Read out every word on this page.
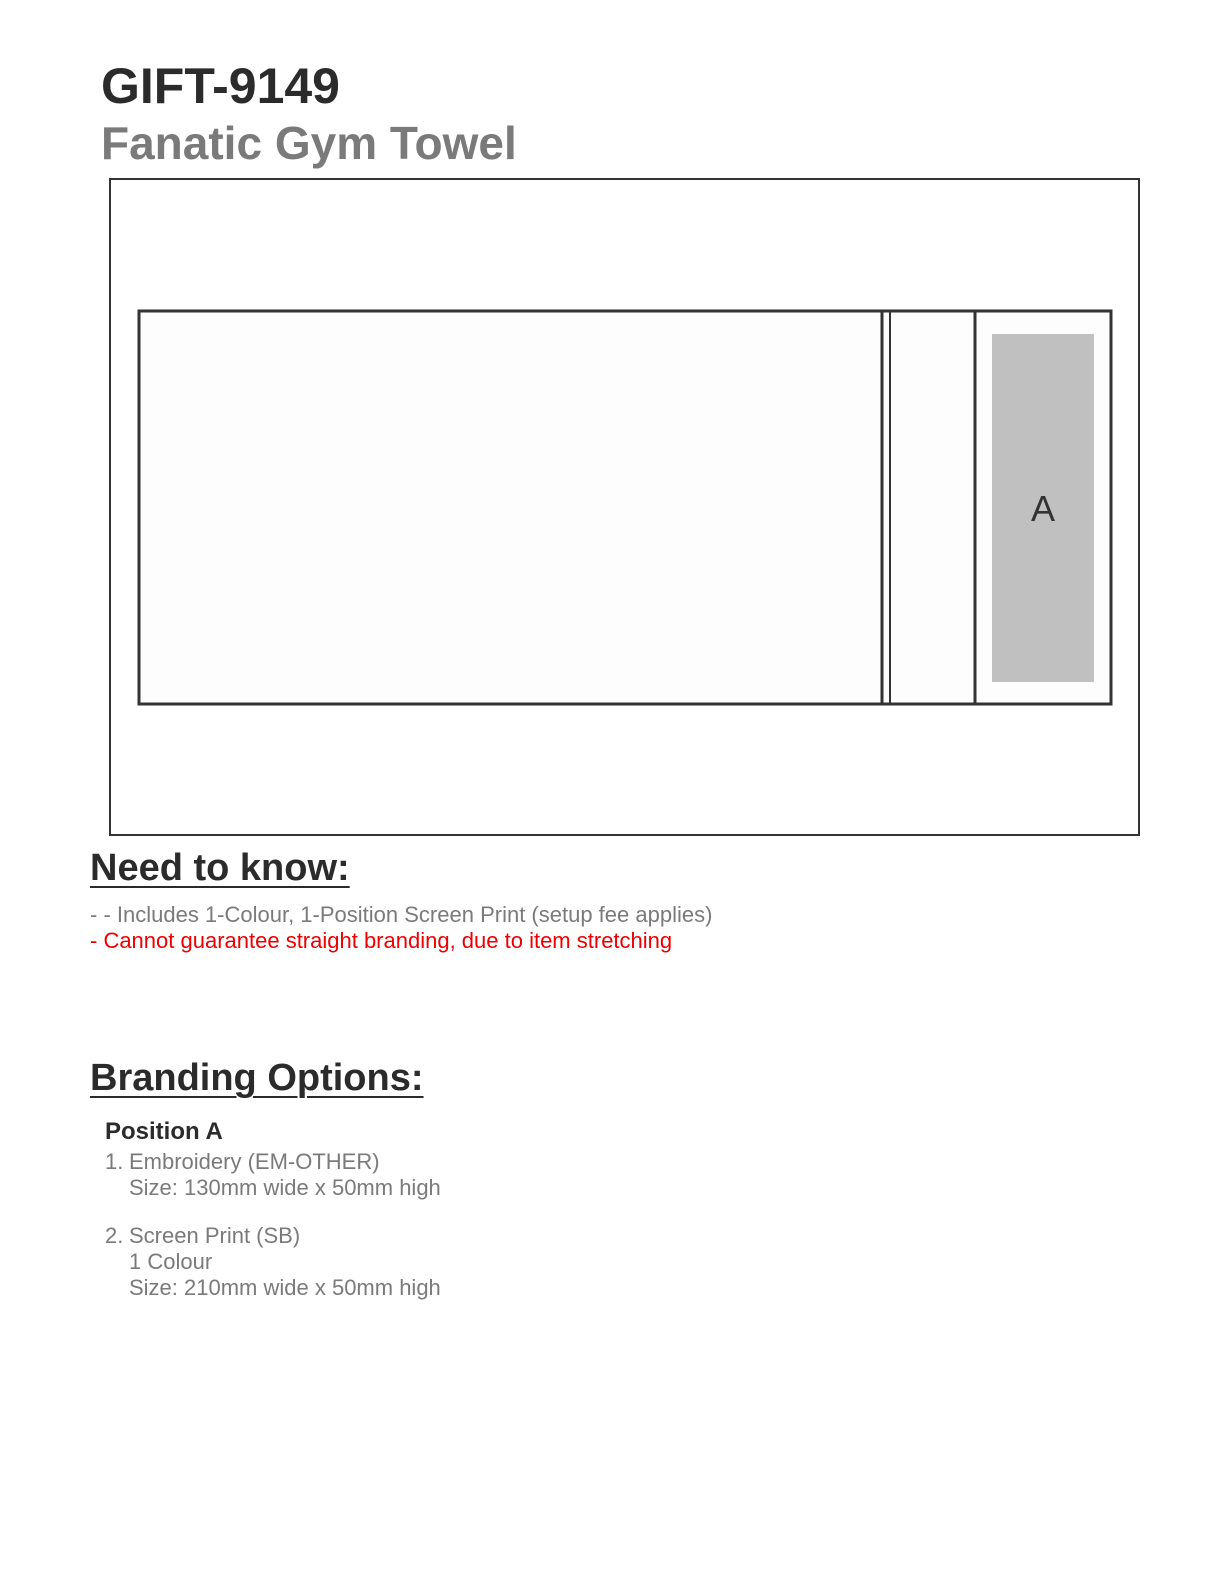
GIFT-9149
Fanatic Gym Towel
A
Need to know:

- - Includes 1-Colour, 1-Position Screen Print (setup fee applies)

- Cannot guarantee straight branding, due to item stretching

Branding Options:

Position A

1. Embroidery (EM-OTHER)
Size: 130mm wide x 50mm high
2. Screen Print (SB)
1 Colour
Size: 210mm wide x 50mm high
